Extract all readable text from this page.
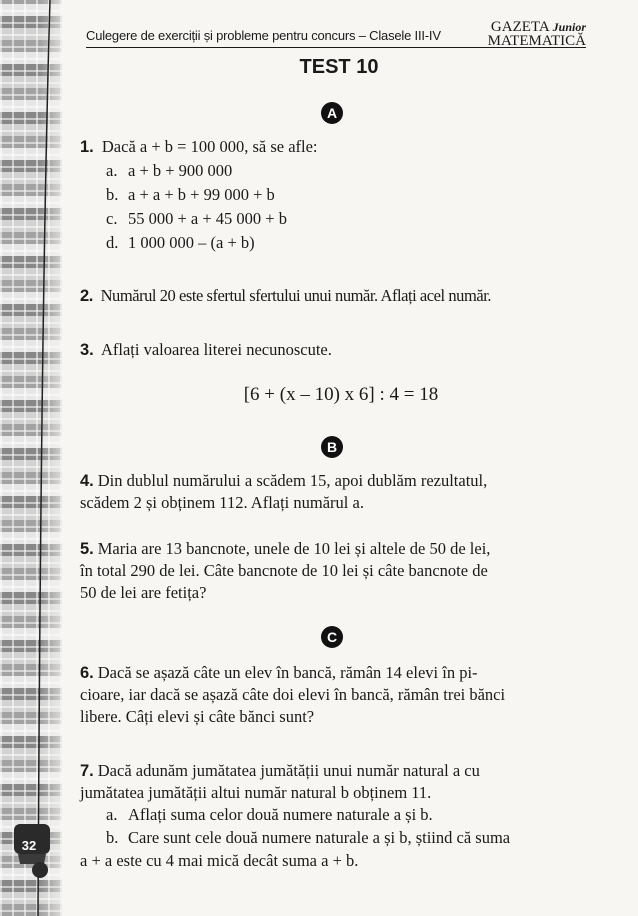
Culegere de exerciții și probleme pentru concurs – Clasele III-IV
GAZETA Junior
MATEMATICĂ
TEST 10
A
1. Dacă a + b = 100 000, să se afle:
a. a + b + 900 000
b. a + a + b + 99 000 + b
c. 55 000 + a + 45 000 + b
d. 1 000 000 – (a + b)
2. Numărul 20 este sfertul sfertului unui număr. Aflați acel număr.
3. Aflați valoarea literei necunoscute.
[6 + (x – 10) x 6] : 4 = 18
B
4. Din dublul numărului a scădem 15, apoi dublăm rezultatul,
scădem 2 și obținem 112. Aflați numărul a.
5. Maria are 13 bancnote, unele de 10 lei și altele de 50 de lei,
în total 290 de lei. Câte bancnote de 10 lei și câte bancnote de
50 de lei are fetița?
C
6. Dacă se așază câte un elev în bancă, rămân 14 elevi în pi-
cioare, iar dacă se așază câte doi elevi în bancă, rămân trei bănci
libere. Câți elevi și câte bănci sunt?
7. Dacă adunăm jumătatea jumătății unui număr natural a cu
jumătatea jumătății altui număr natural b obținem 11.
a. Aflați suma celor două numere naturale a și b.
b. Care sunt cele două numere naturale a și b, știind că suma
a + a este cu 4 mai mică decât suma a + b.
32
